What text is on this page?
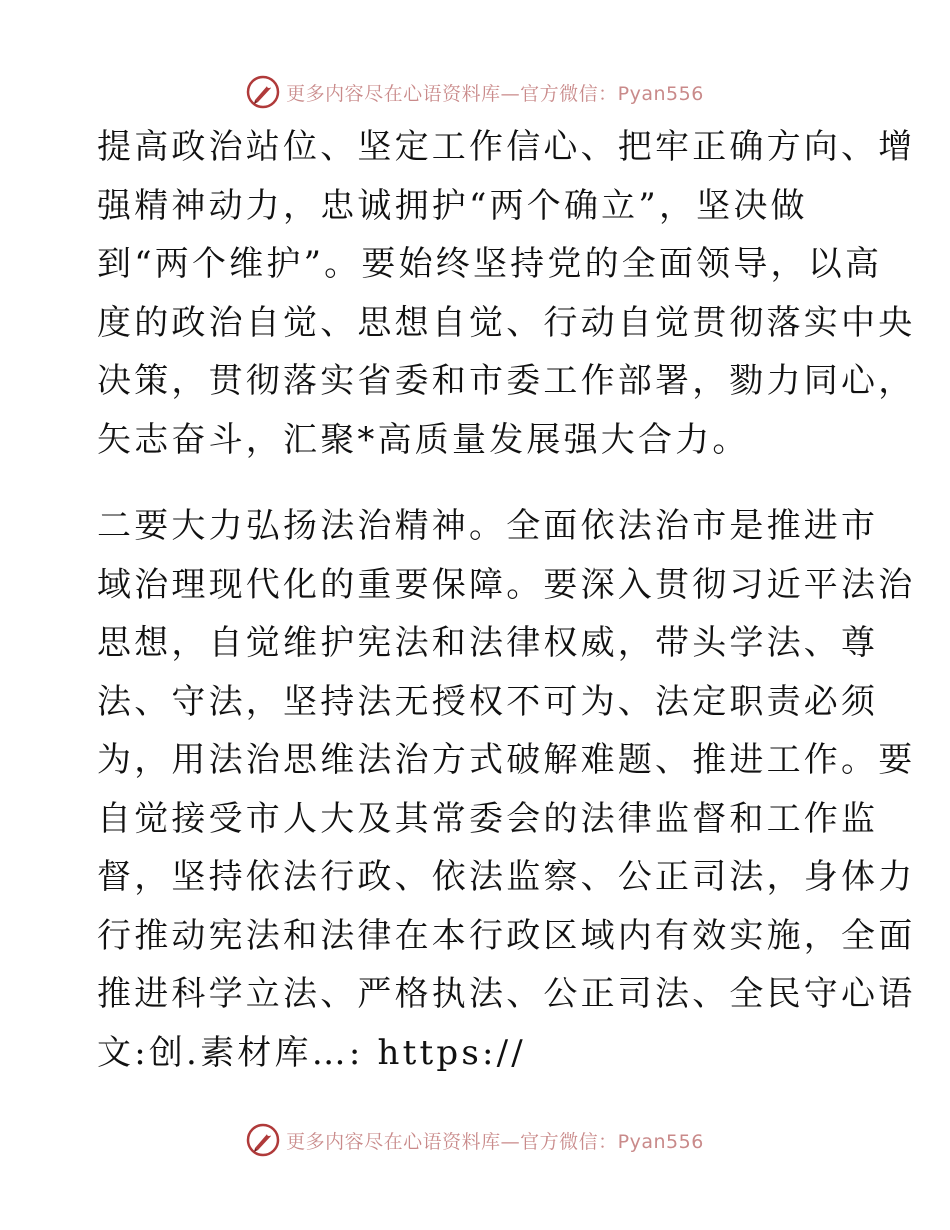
更多内容尽在心语资料库—官方微信：Pyan556
提高政治站位、坚定工作信心、把牢正确方向、增
强精神动力，忠诚拥护“两个确立”，坚决做
到“两个维护”。要始终坚持党的全面领导，以高
度的政治自觉、思想自觉、行动自觉贯彻落实中央
决策，贯彻落实省委和市委工作部署，勠力同心，
矢志奋斗，汇聚*高质量发展强大合力。
二要大力弘扬法治精神。全面依法治市是推进市
域治理现代化的重要保障。要深入贯彻习近平法治
思想，自觉维护宪法和法律权威，带头学法、尊
法、守法，坚持法无授权不可为、法定职责必须
为，用法治思维法治方式破解难题、推进工作。要
自觉接受市人大及其常委会的法律监督和工作监
督，坚持依法行政、依法监察、公正司法，身体力
行推动宪法和法律在本行政区域内有效实施，全面
推进科学立法、严格执法、公正司法、全民守心语
文:创.素材库…: https://
更多内容尽在心语资料库—官方微信：Pyan556
